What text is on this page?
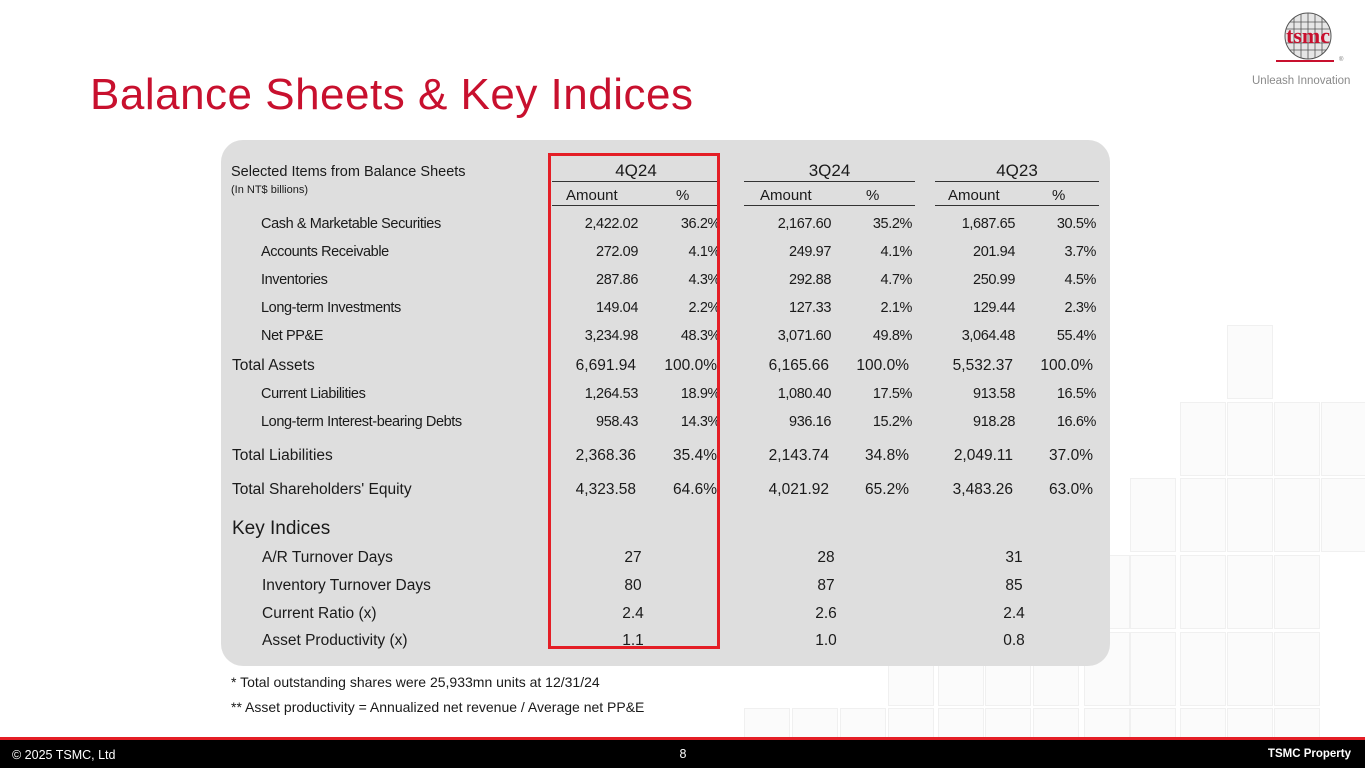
Balance Sheets & Key Indices
tsmc
®
Unleash Innovation
Selected Items from Balance Sheets
(In NT$ billions)
4Q24
Amount	%
3Q24
Amount	%
4Q23
Amount	%
Cash & Marketable Securities	2,422.02	36.2%	2,167.60	35.2%	1,687.65	30.5%
Accounts Receivable	272.09	4.1%	249.97	4.1%	201.94	3.7%
Inventories	287.86	4.3%	292.88	4.7%	250.99	4.5%
Long-term Investments	149.04	2.2%	127.33	2.1%	129.44	2.3%
Net PP&E	3,234.98	48.3%	3,071.60	49.8%	3,064.48	55.4%
Total Assets	6,691.94	100.0%	6,165.66	100.0%	5,532.37	100.0%
Current Liabilities	1,264.53	18.9%	1,080.40	17.5%	913.58	16.5%
Long-term Interest-bearing Debts	958.43	14.3%	936.16	15.2%	918.28	16.6%
Total Liabilities	2,368.36	35.4%	2,143.74	34.8%	2,049.11	37.0%
Total Shareholders' Equity	4,323.58	64.6%	4,021.92	65.2%	3,483.26	63.0%
Key Indices
A/R Turnover Days	27	28	31
Inventory Turnover Days	80	87	85
Current Ratio (x)	2.4	2.6	2.4
Asset Productivity (x)	1.1	1.0	0.8
* Total outstanding shares were 25,933mn units at 12/31/24
** Asset productivity = Annualized net revenue / Average net PP&E
© 2025 TSMC, Ltd	8	TSMC Property
